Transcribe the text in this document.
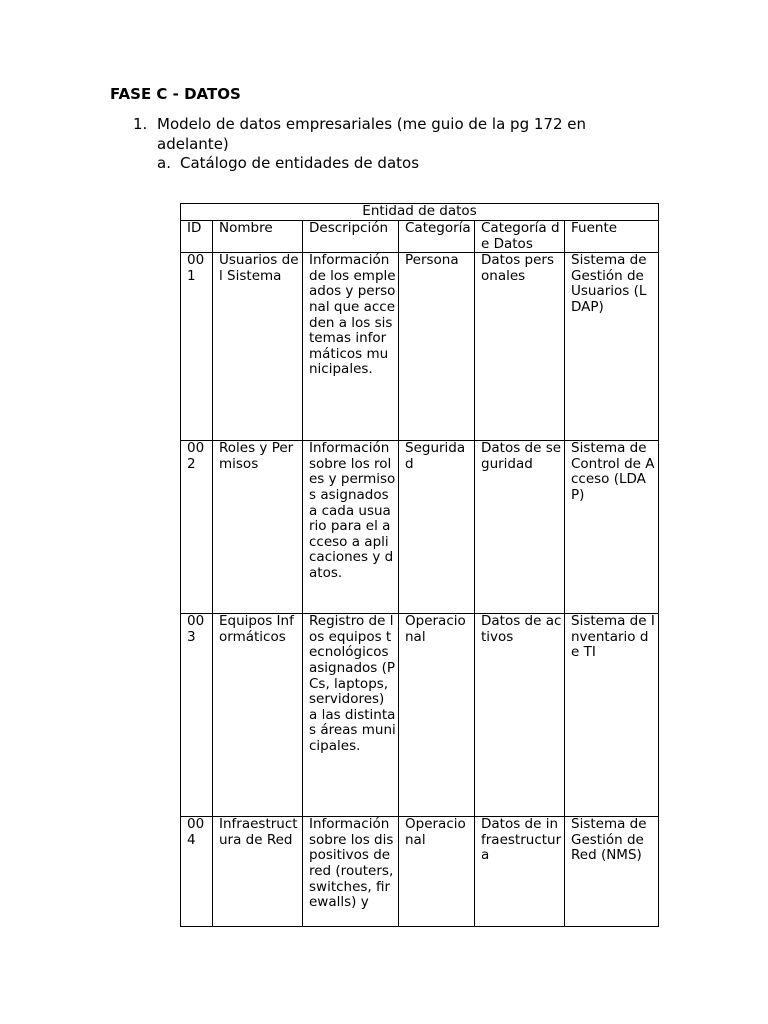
FASE C - DATOS
1. Modelo de datos empresariales (me guio de la pg 172 en adelante)
a. Catálogo de entidades de datos
Entidad de datos					
ID	Nombre	Descripción	Categoría	Categoría de Datos	Fuente
001	Usuarios del Sistema	Información de los empleados y personal que acceden a los sistemas informáticos municipales.	Persona	Datos personales	Sistema de Gestión de Usuarios (LDAP)
002	Roles y Permisos	Información sobre los roles y permisos asignados a cada usuario para el acceso a aplicaciones y datos.	Seguridad	Datos de seguridad	Sistema de Control de Acceso (LDAP)
003	Equipos Informáticos	Registro de los equipos tecnológicos asignados (PCs, laptops, servidores) a las distintas áreas municipales.	Operacional	Datos de activos	Sistema de Inventario de TI
004	Infraestructura de Red	Información sobre los dispositivos de red (routers, switches, firewalls) y	Operacional	Datos de infraestructura	Sistema de Gestión de Red (NMS)
